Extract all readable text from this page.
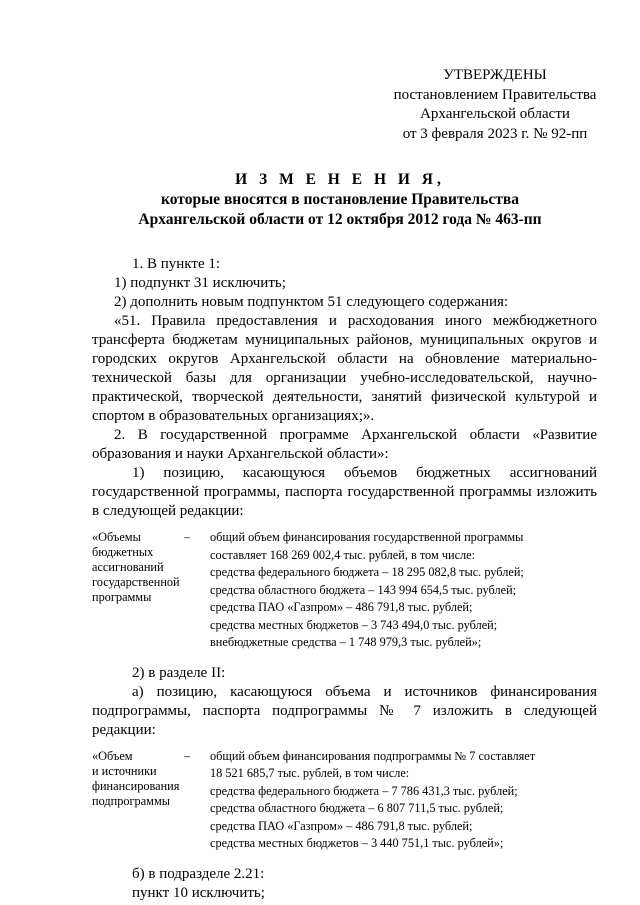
УТВЕРЖДЕНЫ
постановлением Правительства
Архангельской области
от 3 февраля 2023 г. № 92-пп
И З М Е Н Е Н И Я,
которые вносятся в постановление Правительства
Архангельской области от 12 октября 2012 года № 463-пп

1. В пункте 1:

1) подпункт 31 исключить;

2) дополнить новым подпунктом 51 следующего содержания:

«51. Правила предоставления и расходования иного межбюджетного трансферта бюджетам муниципальных районов, муниципальных округов и городских округов Архангельской области на обновление материально-технической базы для организации учебно-исследовательской, научно-практической, творческой деятельности, занятий физической культурой и спортом в образовательных организациях;».

2. В государственной программе Архангельской области «Развитие образования и науки Архангельской области»:

1) позицию, касающуюся объемов бюджетных ассигнований государственной программы, паспорта государственной программы изложить в следующей редакции:

«Объемы
бюджетных
ассигнований
государственной
программы
–	общий объем финансирования государственной программы
составляет 168 269 002,4 тыс. рублей, в том числе:
средства федерального бюджета – 18 295 082,8 тыс. рублей;
средства областного бюджета – 143 994 654,5 тыс. рублей;
средства ПАО «Газпром» – 486 791,8 тыс. рублей;
средства местных бюджетов – 3 743 494,0 тыс. рублей;
внебюджетные средства – 1 748 979,3 тыс. рублей»;

2) в разделе II:

а) позицию, касающуюся объема и источников финансирования подпрограммы, паспорта подпрограммы № 7 изложить в следующей редакции:

«Объем
и источники
финансирования
подпрограммы
–	общий объем финансирования подпрограммы № 7 составляет
18 521 685,7 тыс. рублей, в том числе:
средства федерального бюджета – 7 786 431,3 тыс. рублей;
средства областного бюджета – 6 807 711,5 тыс. рублей;
средства ПАО «Газпром» – 486 791,8 тыс. рублей;
средства местных бюджетов – 3 440 751,1 тыс. рублей»;

б) в подразделе 2.21:

пункт 10 исключить;
